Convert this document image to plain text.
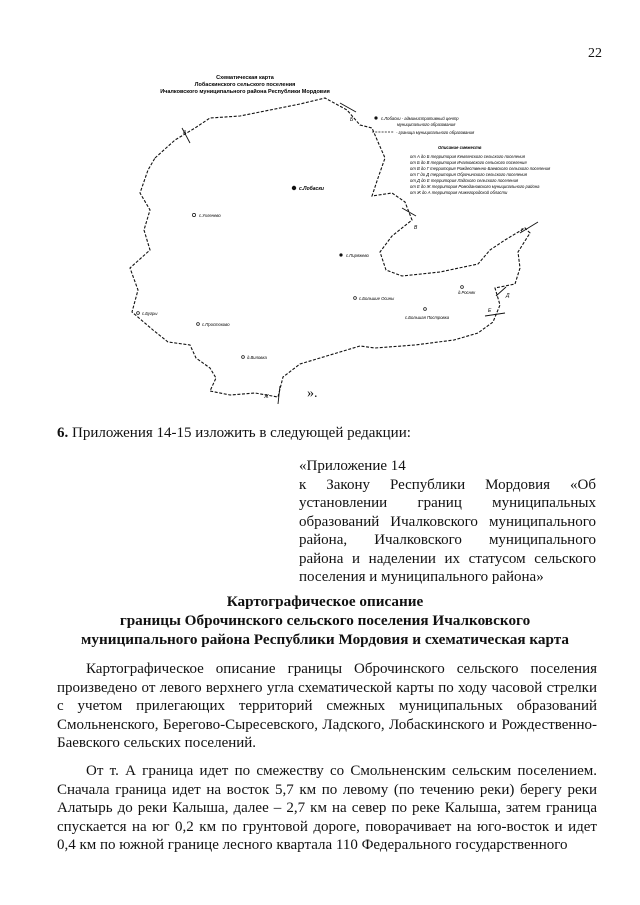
22
Схематическая карта
Лобаскинского сельского поселения
Ичалковского муниципального района Республики Мордовия
А
Б
В	Г
Д
Е
Ж
с.Лобаски
с.Ухленево
с.Пиряжево
с.Большие Осины
с.Большая Постровка
д.Росняк
с.Бугры
с.Простоково
д.Виловка
с.Лобаски - административный центр
муниципального образования
- граница муниципального образования
Описание смежеств
от А до Б территория Кемлянского сельского поселения
от Б до В территория Ичалковского сельского поселения
от В до Г территория Рождественно-Баевского сельского поселения
от Г до Д территория Оброчинского сельского поселения
от Д до Е территория Ладского сельского поселения
от Е до Ж территория Ромодановского муниципального района
от Ж до А территория Нижегородской области
».
6. Приложения 14-15 изложить в следующей редакции:
«Приложение 14
к Закону Республики Мордовия «Об установлении границ муниципальных образований Ичалковского муниципального района, Ичалковского муниципального района и наделении их статусом сельского
поселения и муниципального района»
Картографическое описание
границы Оброчинского сельского поселения Ичалковского
муниципального района Республики Мордовия и схематическая карта

Картографическое описание границы Оброчинского сельского поселения произведено от левого верхнего угла схематической карты по ходу часовой стрелки с учетом прилегающих территорий смежных муниципальных образований Смольненского, Берегово-Сыресевского, Ладского, Лобаскинского и Рождественно-Баевского сельских поселений.

От т. А граница идет по смежеству со Смольненским сельским поселением. Сначала граница идет на восток 5,7 км по левому (по течению реки) берегу реки Алатырь до реки Калыша, далее – 2,7 км на север по реке Калыша, затем граница спускается на юг 0,2 км по грунтовой дороге, поворачивает на юго-восток и идет 0,4 км по южной границе лесного квартала 110 Федерального государственного
